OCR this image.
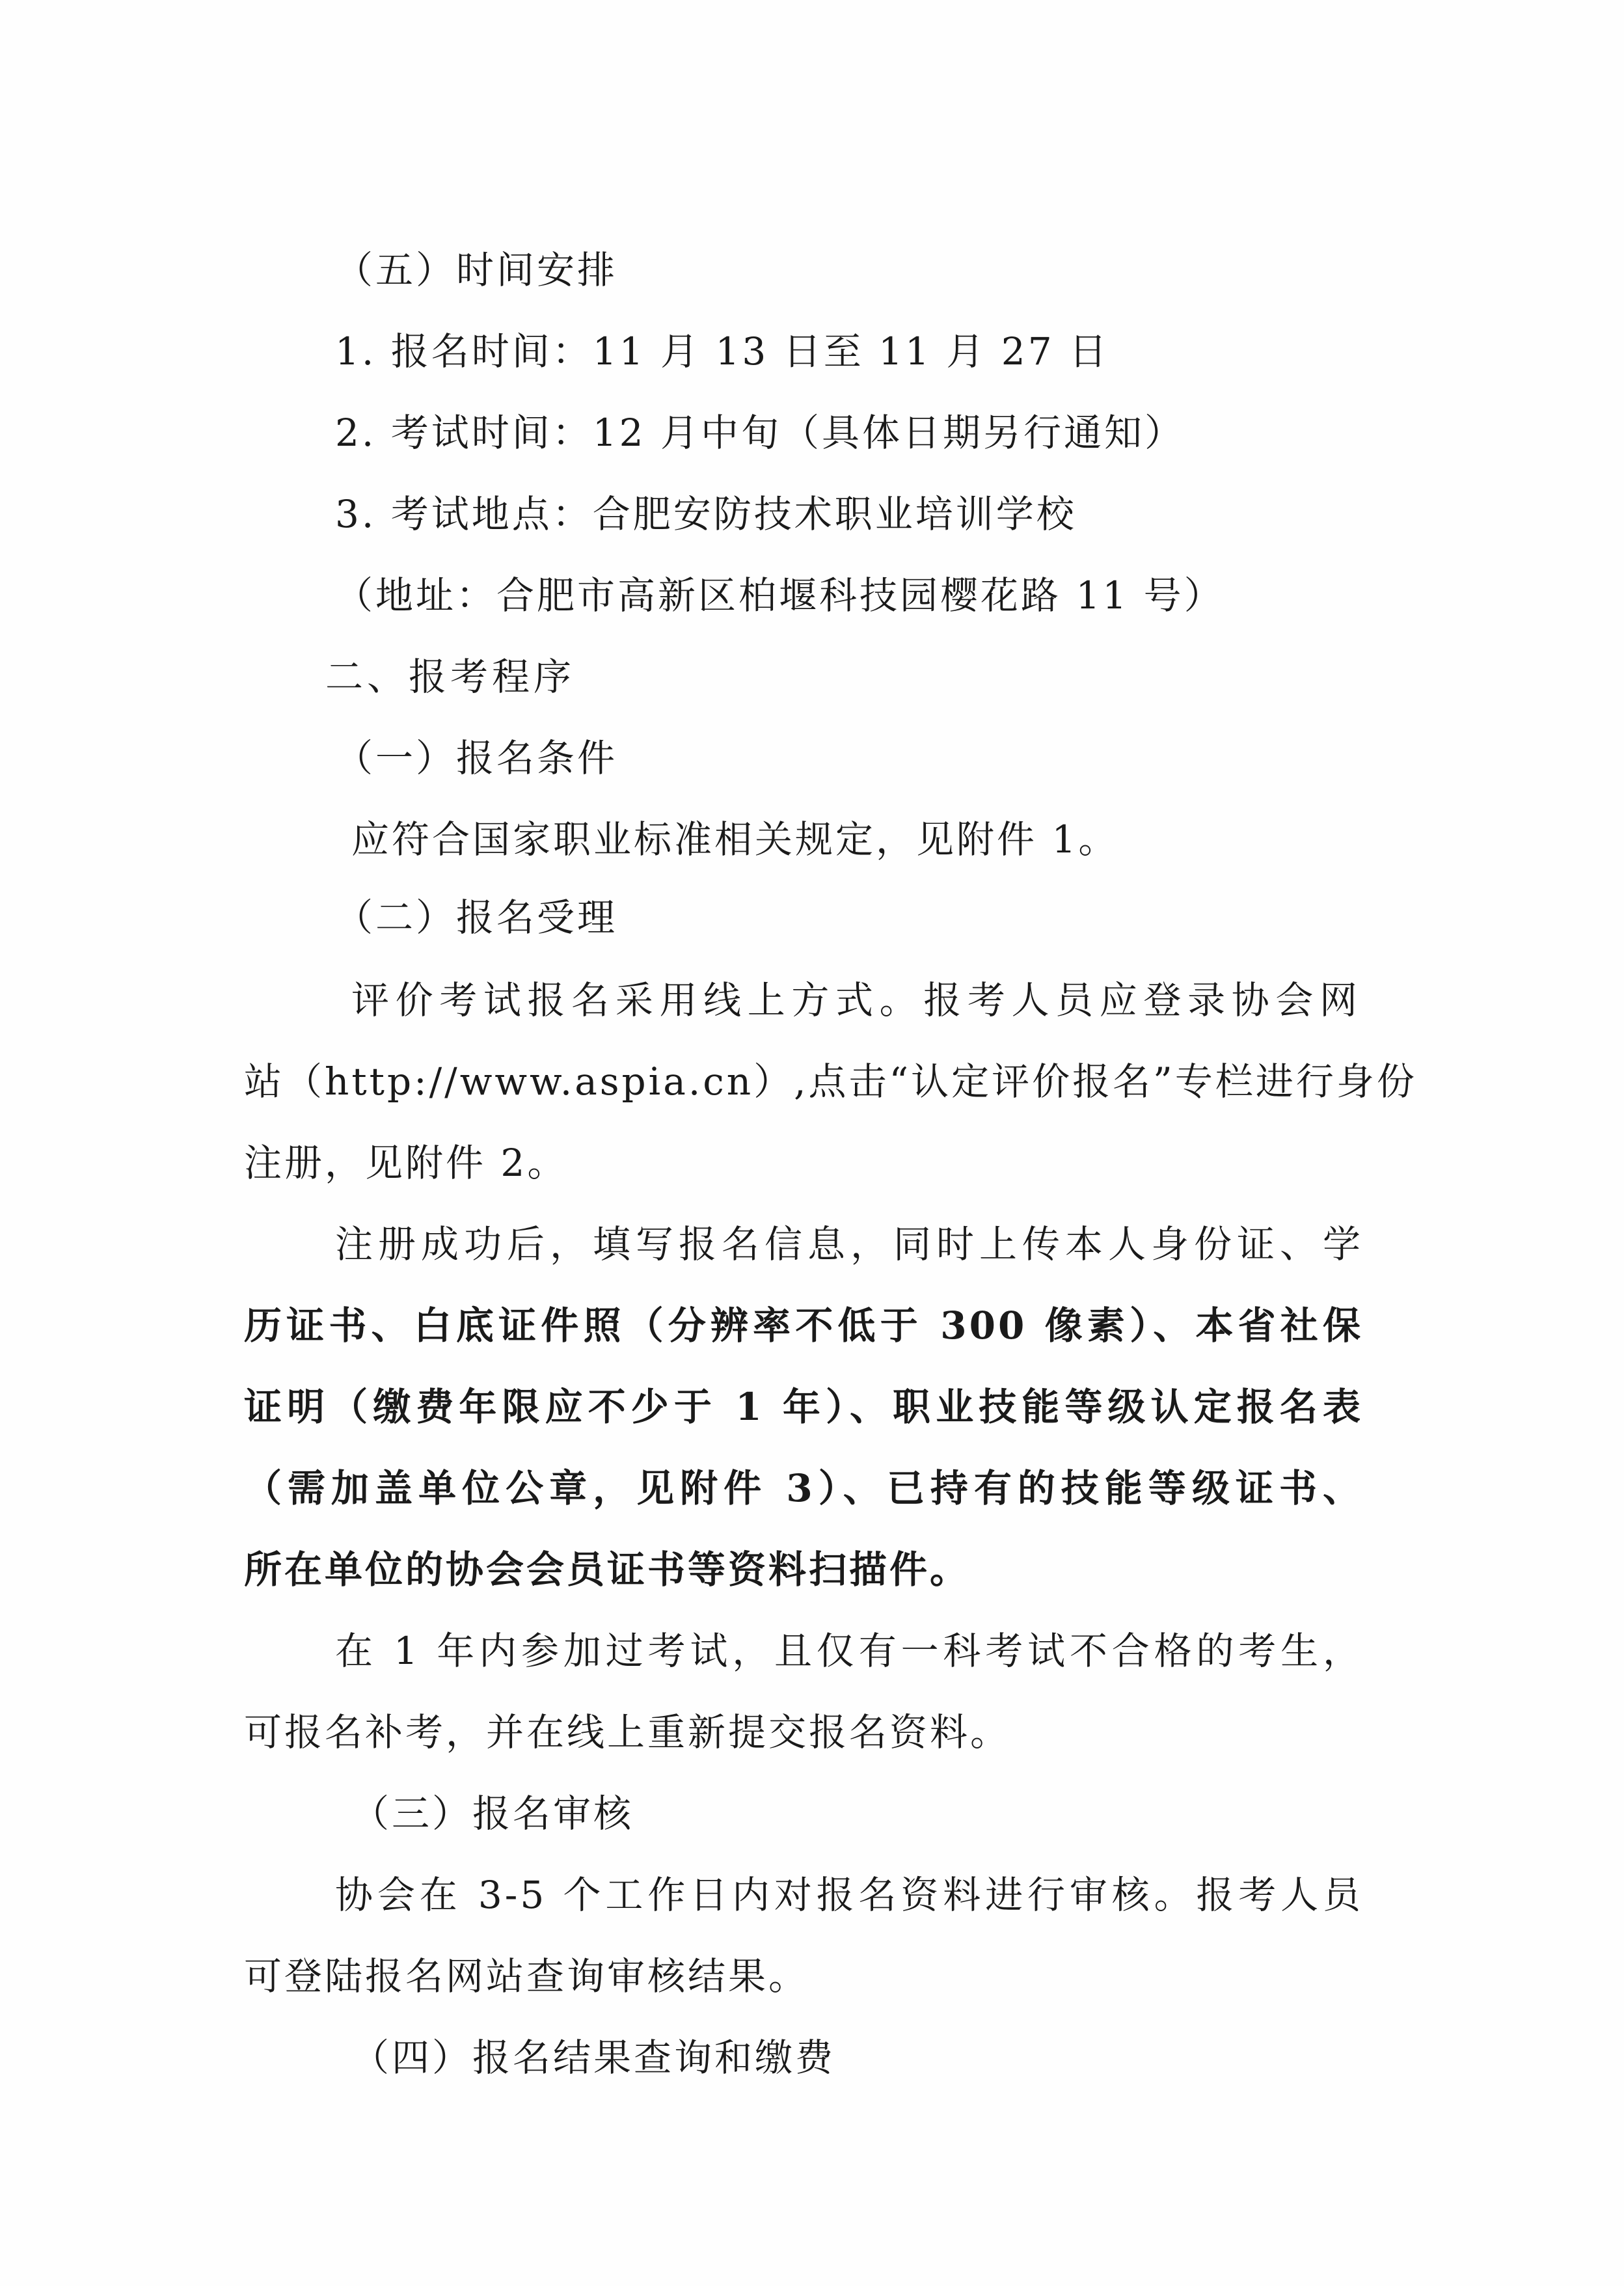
（五）时间安排
1. 报名时间：11 月 13 日至 11 月 27 日
2. 考试时间：12 月中旬（具体日期另行通知）
3. 考试地点：合肥安防技术职业培训学校
（地址：合肥市高新区柏堰科技园樱花路 11 号）
二、报考程序
（一）报名条件
应符合国家职业标准相关规定，见附件 1。
（二）报名受理
评价考试报名采用线上方式。报考人员应登录协会网
站（http://www.aspia.cn）,点击“认定评价报名”专栏进行身份
注册，见附件 2。
注册成功后，填写报名信息，同时上传本人身份证、学
历证书、白底证件照（分辨率不低于 300 像素）、本省社保
证明（缴费年限应不少于 1 年）、职业技能等级认定报名表
（需加盖单位公章，见附件 3）、已持有的技能等级证书、
所在单位的协会会员证书等资料扫描件。
在 1 年内参加过考试，且仅有一科考试不合格的考生，
可报名补考，并在线上重新提交报名资料。
（三）报名审核
协会在 3-5 个工作日内对报名资料进行审核。报考人员
可登陆报名网站查询审核结果。
（四）报名结果查询和缴费
